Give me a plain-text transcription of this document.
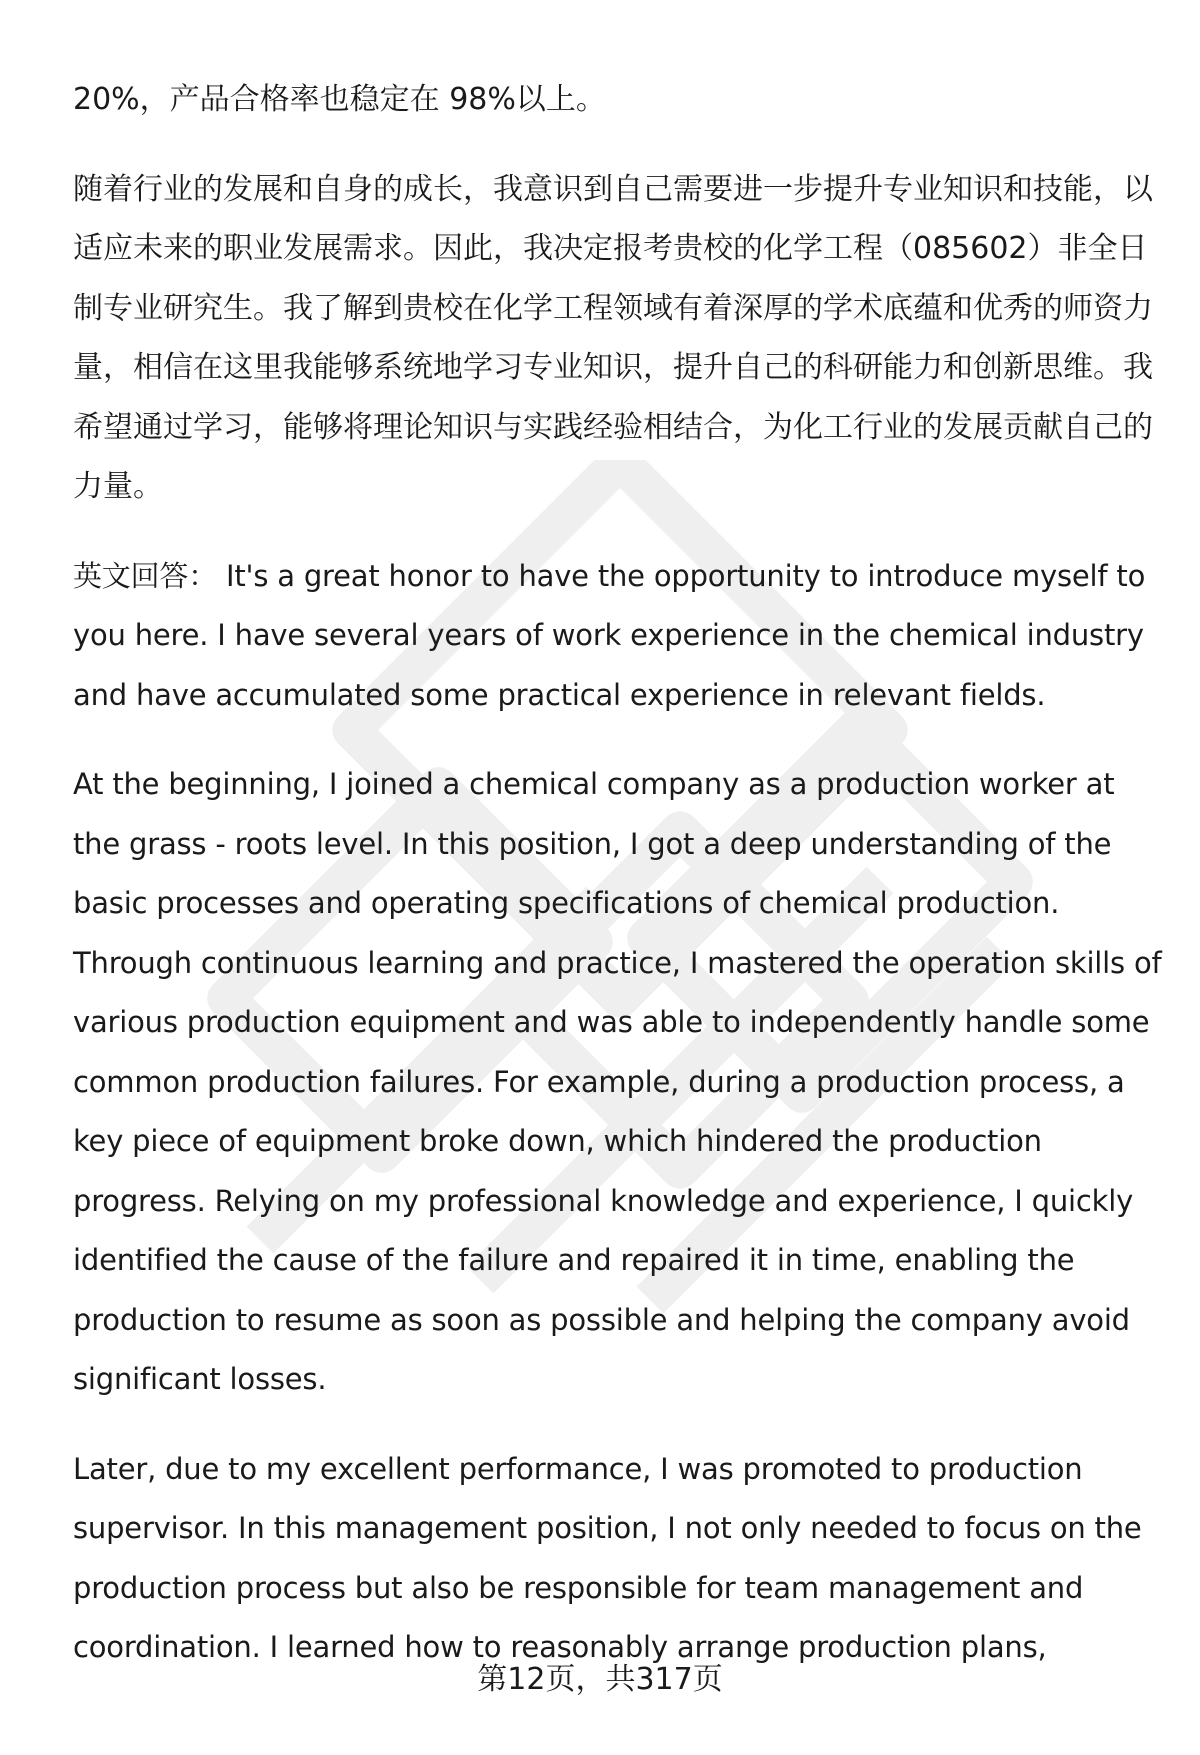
20%，产品合格率也稳定在 98%以上。

随着行业的发展和自身的成长，我意识到自己需要进一步提升专业知识和技能，以适应未来的职业发展需求。因此，我决定报考贵校的化学工程（085602）非全日制专业研究生。我了解到贵校在化学工程领域有着深厚的学术底蕴和优秀的师资力量，相信在这里我能够系统地学习专业知识，提升自己的科研能力和创新思维。我希望通过学习，能够将理论知识与实践经验相结合，为化工行业的发展贡献自己的力量。

英文回答： It's a great honor to have the opportunity to introduce myself to you here. I have several years of work experience in the chemical industry and have accumulated some practical experience in relevant fields.

At the beginning, I joined a chemical company as a production worker at the grass - roots level. In this position, I got a deep understanding of the basic processes and operating specifications of chemical production. Through continuous learning and practice, I mastered the operation skills of various production equipment and was able to independently handle some common production failures. For example, during a production process, a key piece of equipment broke down, which hindered the production progress. Relying on my professional knowledge and experience, I quickly identified the cause of the failure and repaired it in time, enabling the production to resume as soon as possible and helping the company avoid significant losses.

Later, due to my excellent performance, I was promoted to production supervisor. In this management position, I not only needed to focus on the production process but also be responsible for team management and coordination. I learned how to reasonably arrange production plans,

第12页，共317页
